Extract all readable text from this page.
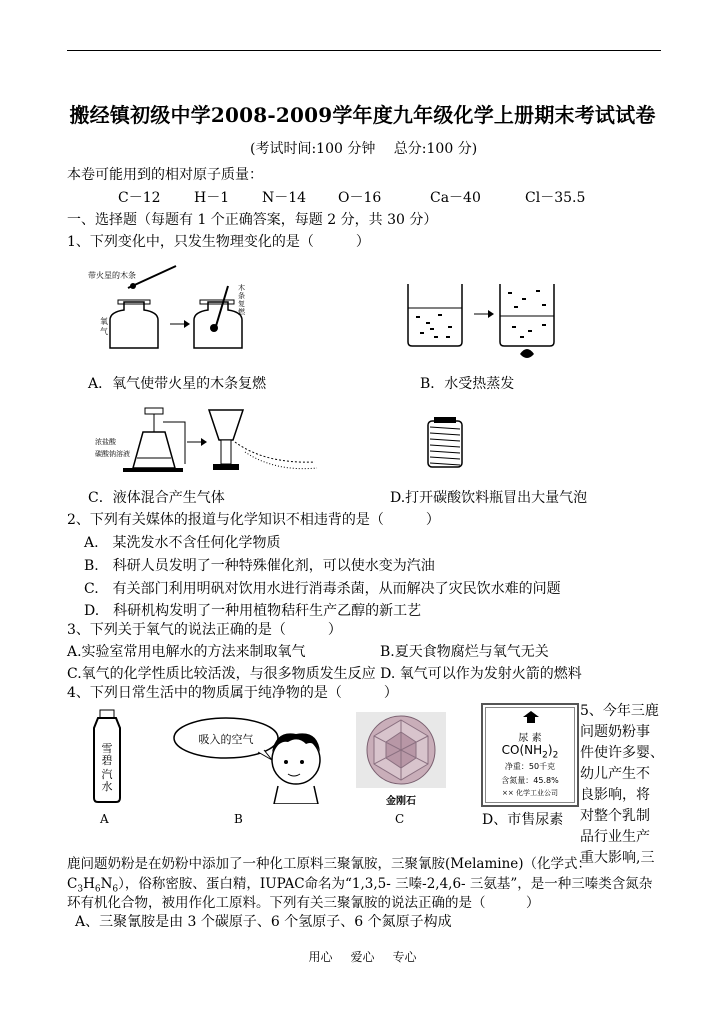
搬经镇初级中学2008-2009学年度九年级化学上册期末考试试卷
(考试时间:100 分钟　 总分:100 分)
本卷可能用到的相对原子质量：
C－12 H－1 N－14 O－16	Ca－40	Cl－35.5
一、选择题（每题有 1 个正确答案，每题 2 分，共 30 分）
1、下列变化中，只发生物理变化的是（　　　）
带火星的木条
氧
气
木
条
复
燃
A．氧气使带火星的木条复燃	B．水受热蒸发
浓盐酸
碳酸钠溶液
C．液体混合产生气体	D.打开碳酸饮料瓶冒出大量气泡
2、下列有关媒体的报道与化学知识不相违背的是（　　　）
A.　某洗发水不含任何化学物质
B.　科研人员发明了一种特殊催化剂，可以使水变为汽油
C.　有关部门利用明矾对饮用水进行消毒杀菌，从而解决了灾民饮水难的问题
D.　科研机构发明了一种用植物秸秆生产乙醇的新工艺
3、下列关于氧气的说法正确的是（　　　）
A.实验室常用电解水的方法来制取氧气	B.夏天食物腐烂与氧气无关
C.氧气的化学性质比较活泼，与很多物质发生反应 D. 氧气可以作为发射火箭的燃料
4、下列日常生活中的物质属于纯净物的是（　　　）
雪
碧
汽
水
A
吸入的空气
B
金刚石
C
尿 素
$CO(NH_2)_2$
净重：50千克
含氮量：45.8%
×× 化学工业公司
D、市售尿素
5、今年三鹿
问题奶粉事
件使许多婴、
幼儿产生不
良影响，将
对整个乳制
品行业生产
重大影响,三
鹿问题奶粉是在奶粉中添加了一种化工原料三聚氰胺，三聚氰胺(Melamine)（化学式：
$C_3H_6N_6$），俗称密胺、蛋白精，IUPAC命名为“1,3,5- 三嗪-2,4,6- 三氨基”，是一种三嗪类含氮杂
环有机化合物，被用作化工原料。下列有关三聚氰胺的说法正确的是（　　　）
A、三聚氰胺是由 3 个碳原子、6 个氢原子、6 个氮原子构成
用心 爱心 专心
